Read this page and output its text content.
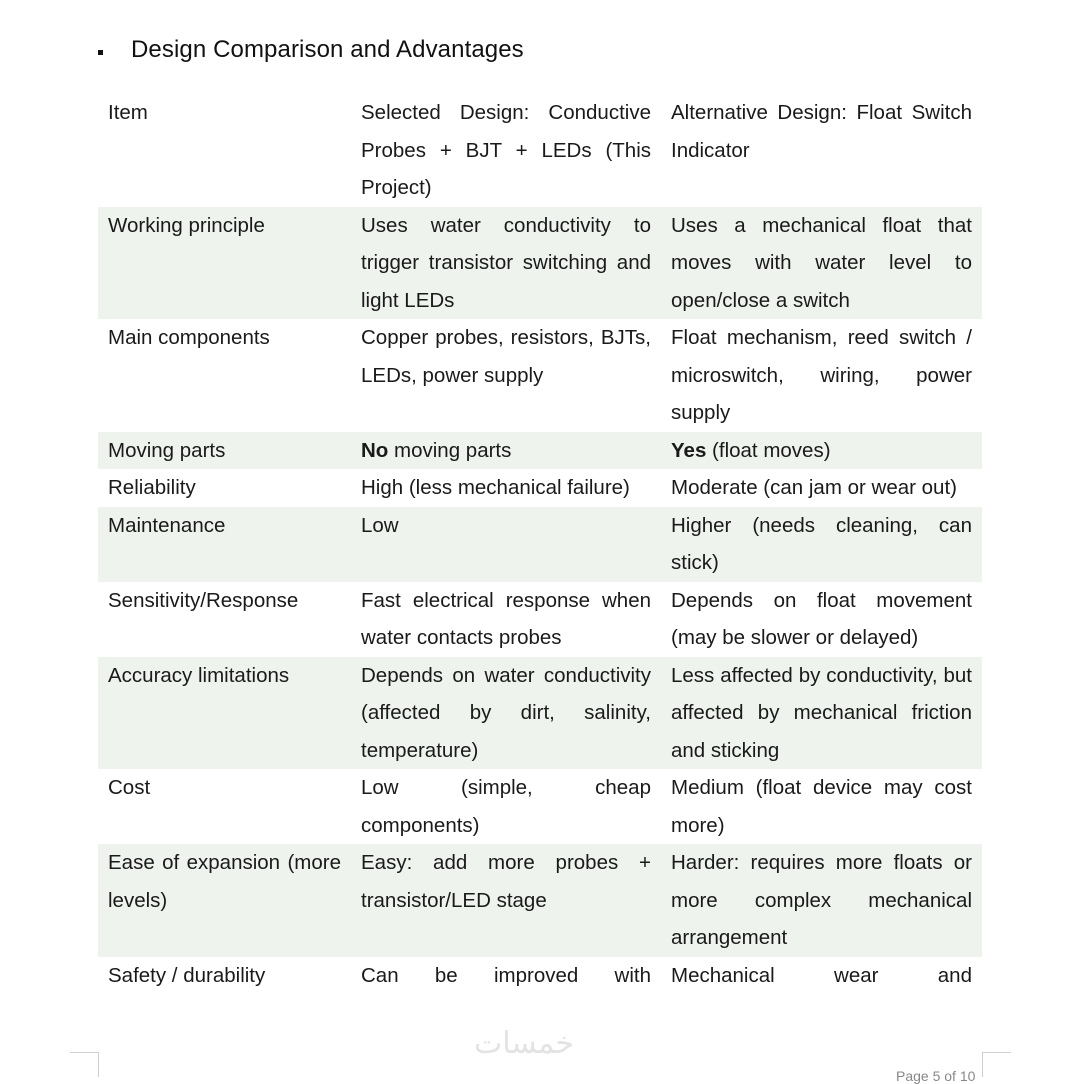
Design Comparison and Advantages
Item	Selected Design: Conductive Probes + BJT + LEDs (This Project)	Alternative Design: Float Switch Indicator
Working principle	Uses water conductivity to trigger transistor switching and light LEDs	Uses a mechanical float that moves with water level to open/close a switch
Main components	Copper probes, resistors, BJTs, LEDs, power supply	Float mechanism, reed switch / microswitch, wiring, power supply
Moving parts	No moving parts	Yes (float moves)
Reliability	High (less mechanical failure)	Moderate (can jam or wear out)
Maintenance	Low	Higher (needs cleaning, can stick)
Sensitivity/Response	Fast electrical response when water contacts probes	Depends on float movement (may be slower or delayed)
Accuracy limitations	Depends on water conductivity (affected by dirt, salinity, temperature)	Less affected by conductivity, but affected by mechanical friction and sticking
Cost	Low (simple, cheap components)	Medium (float device may cost more)
Ease of expansion (more levels)	Easy: add more probes + transistor/LED stage	Harder: requires more floats or more complex mechanical arrangement
Safety / durability	Can be improved with	Mechanical wear and
خمسات
Page 5 of 10
